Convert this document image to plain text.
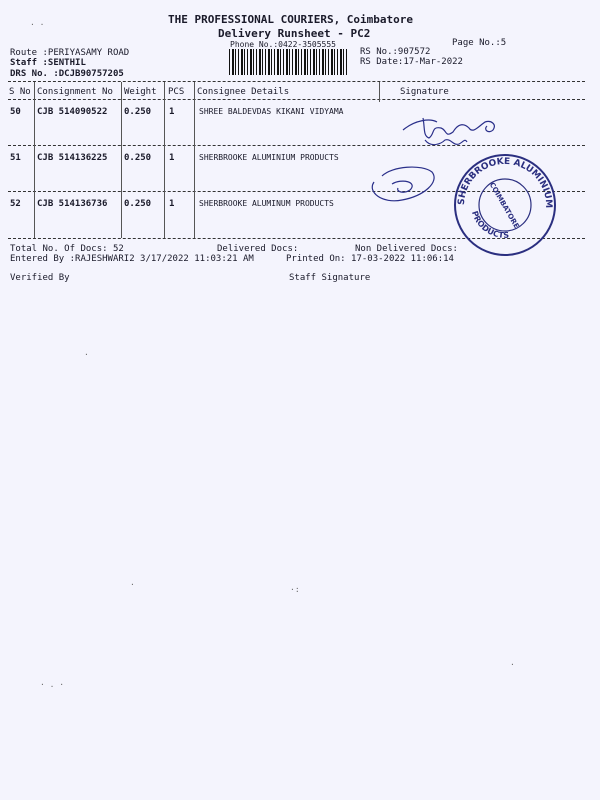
THE PROFESSIONAL COURIERS, Coimbatore
Delivery Runsheet - PC2
Phone No.:0422-3505555	Page No.:5
Route :PERIYASAMY ROAD
Staff :SENTHIL
DRS No. :DCJB90757205
RS No.:907572
RS Date:17-Mar-2022
S No Consignment No Weight PCS Consignee Details	Signature
50 CJB 514090522 0.250 1	SHREE BALDEVDAS KIKANI VIDYAMA
51 CJB 514136225 0.250 1	SHERBROOKE ALUMINIUM PRODUCTS
52 CJB 514136736 0.250 1	SHERBROOKE ALUMINUM PRODUCTS	SHERBROOKE ALUMINIUM
PRODUCTS
COIMBATORE
Total No. Of Docs: 52	Delivered Docs:	Non Delivered Docs:
Entered By :RAJESHWARI2 3/17/2022 11:03:21 AM	Printed On: 17-03-2022 11:06:14
Verified By	Staff Signature
· ·
·
·:
· . ·
·
·
